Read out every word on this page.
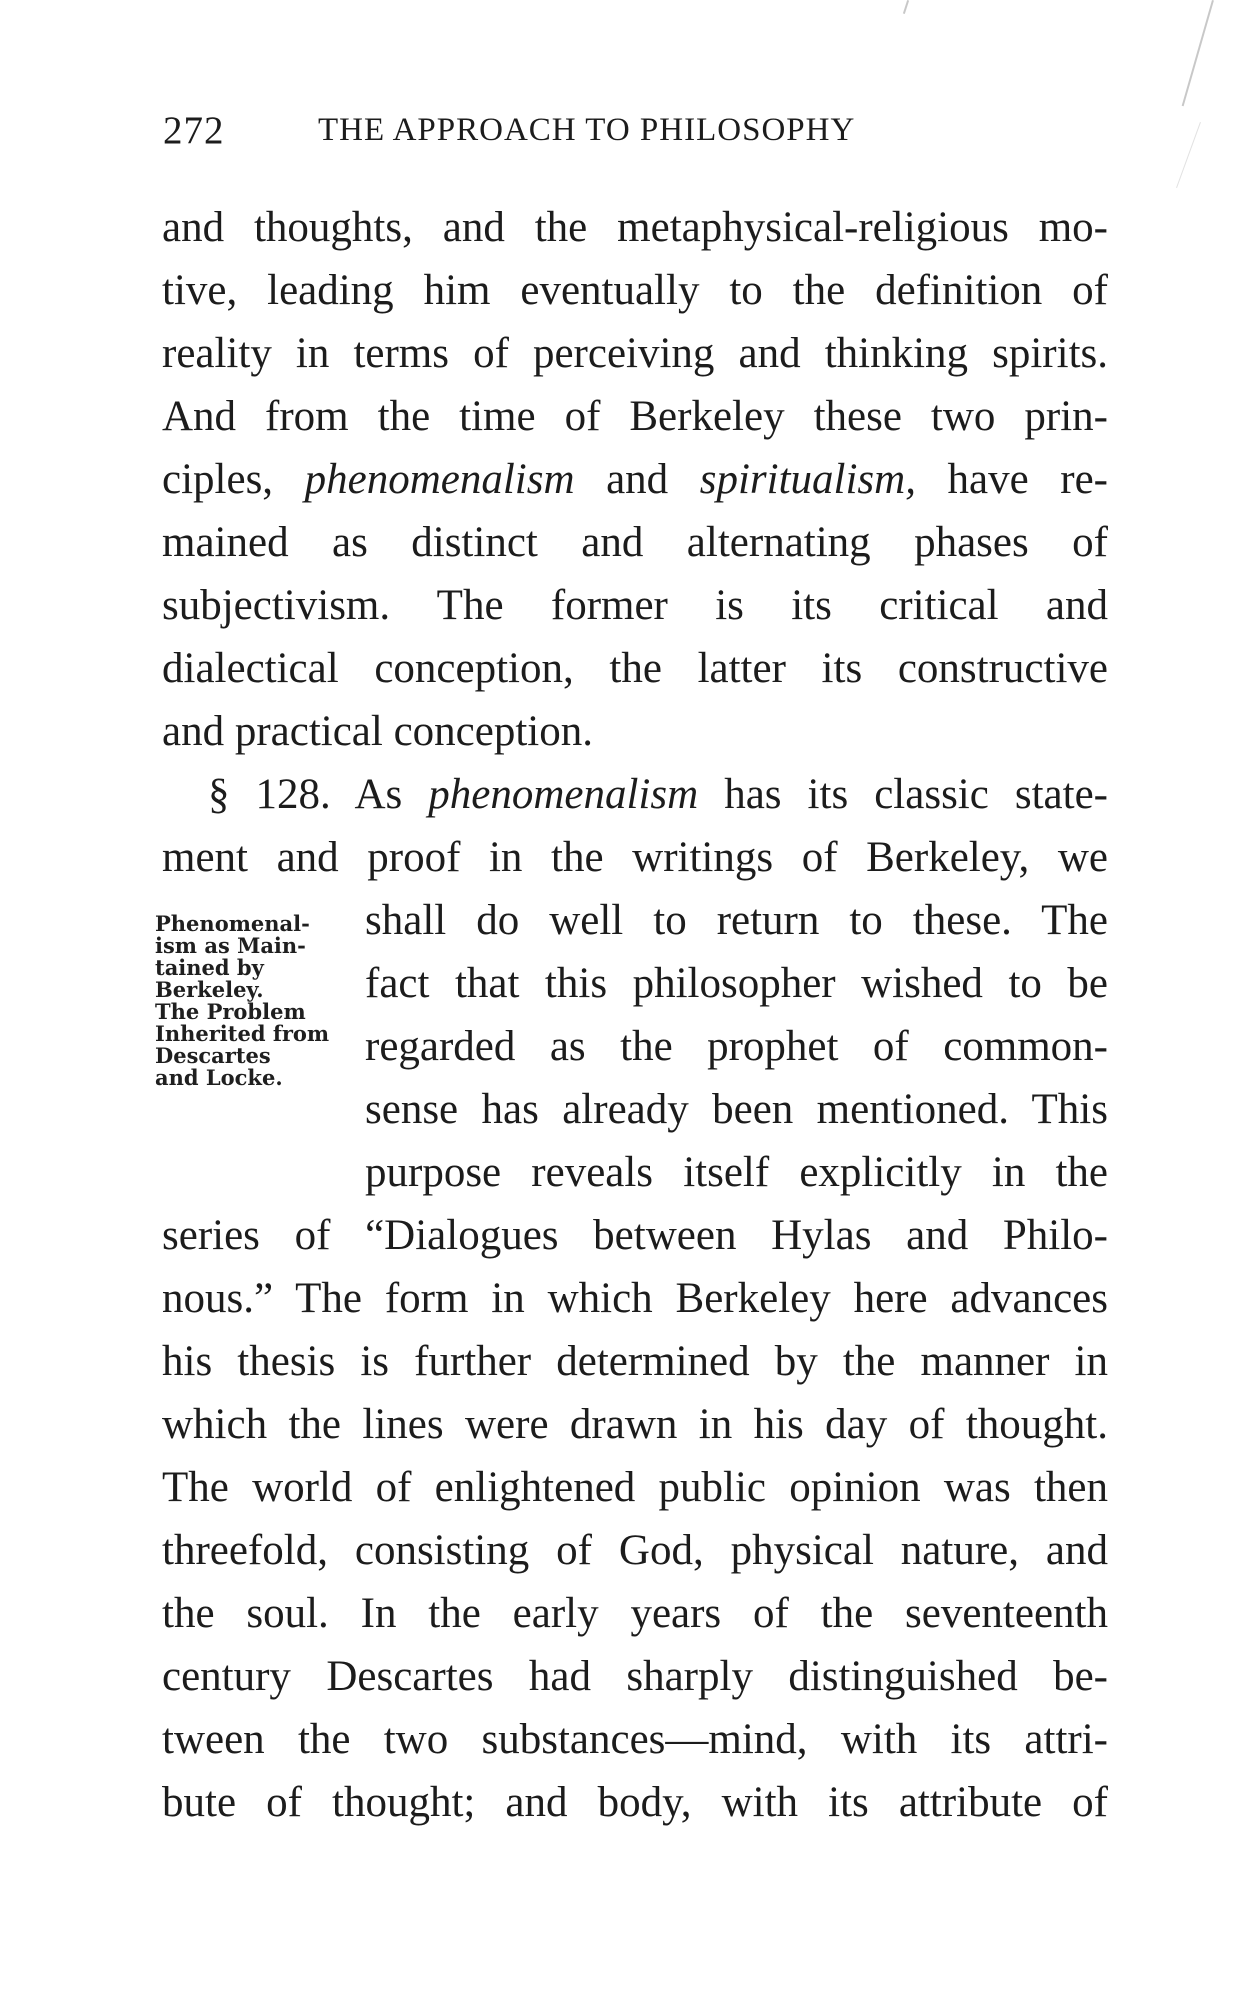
272	THE APPROACH TO PHILOSOPHY
Phenomenal-
ism as Main-
tained by
Berkeley.
The Problem
Inherited from
Descartes
and Locke.
and thoughts, and the metaphysical-religious mo-
tive, leading him eventually to the definition of
reality in terms of perceiving and thinking spirits.
And from the time of Berkeley these two prin-
ciples, phenomenalism and spiritualism, have re-
mained as distinct and alternating phases of
subjectivism. The former is its critical and
dialectical conception, the latter its constructive
and practical conception.
§ 128. As phenomenalism has its classic state-
ment and proof in the writings of Berkeley, we
shall do well to return to these. The
fact that this philosopher wished to be
regarded as the prophet of common-
sense has already been mentioned. This
purpose reveals itself explicitly in the
series of “Dialogues between Hylas and Philo-
nous.” The form in which Berkeley here advances
his thesis is further determined by the manner in
which the lines were drawn in his day of thought.
The world of enlightened public opinion was then
threefold, consisting of God, physical nature, and
the soul. In the early years of the seventeenth
century Descartes had sharply distinguished be-
tween the two substances—mind, with its attri-
bute of thought; and body, with its attribute of
